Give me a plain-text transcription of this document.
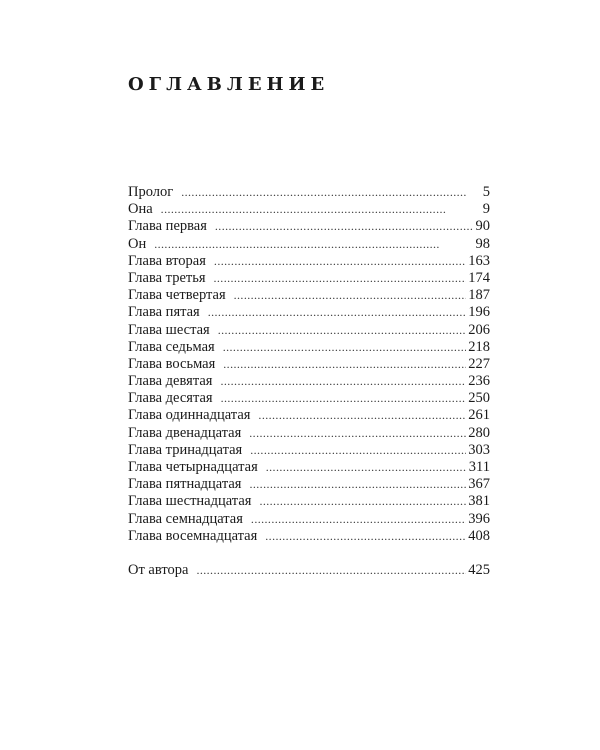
ОГЛАВЛЕНИЕ
Пролог . . .	5
Она . . .	9
Глава первая . . .	90
Он . . .	98
Глава вторая . . .	163
Глава третья . . .	174
Глава четвертая . . .	187
Глава пятая . . .	196
Глава шестая . . .	206
Глава седьмая . . .	218
Глава восьмая . . .	227
Глава девятая . . .	236
Глава десятая . . .	250
Глава одиннадцатая . . .	261
Глава двенадцатая . . .	280
Глава тринадцатая . . .	303
Глава четырнадцатая . . .	311
Глава пятнадцатая . . .	367
Глава шестнадцатая . . .	381
Глава семнадцатая . . .	396
Глава восемнадцатая . . .	408
От автора . . .	425
